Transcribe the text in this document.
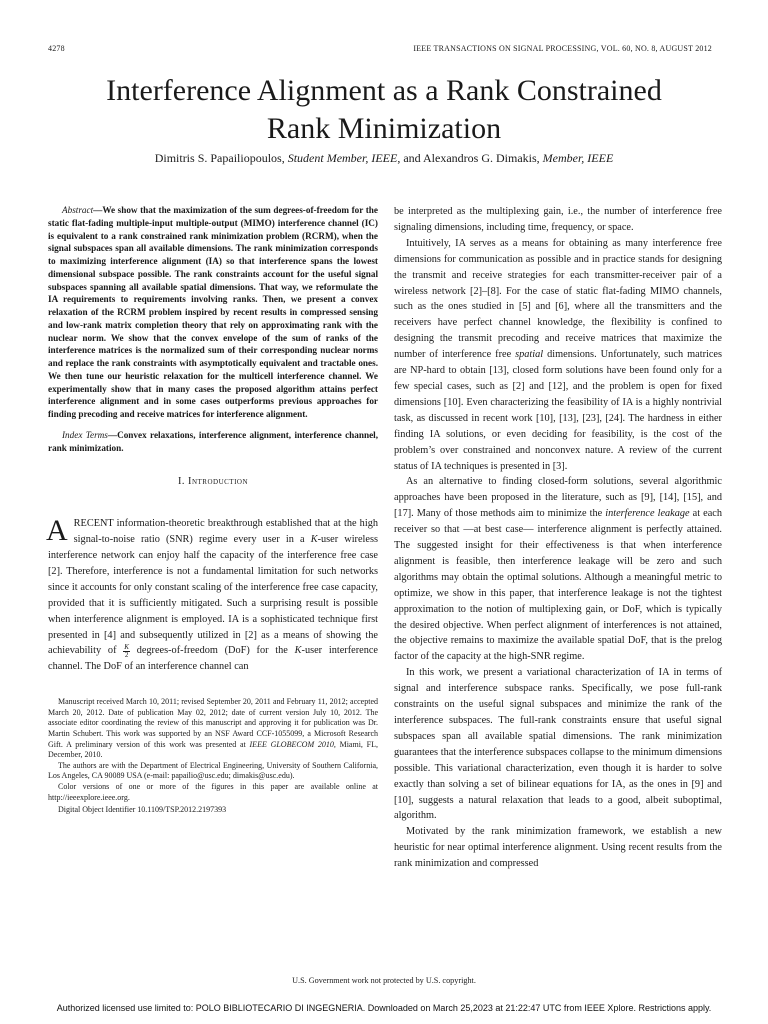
4278	IEEE TRANSACTIONS ON SIGNAL PROCESSING, VOL. 60, NO. 8, AUGUST 2012
Interference Alignment as a Rank Constrained
Rank Minimization
Dimitris S. Papailiopoulos, Student Member, IEEE, and Alexandros G. Dimakis, Member, IEEE

Abstract—We show that the maximization of the sum degrees-of-freedom for the static flat-fading multiple-input multiple-output (MIMO) interference channel (IC) is equivalent to a rank constrained rank minimization problem (RCRM), when the signal subspaces span all available dimensions. The rank minimization corresponds to maximizing interference alignment (IA) so that interference spans the lowest dimensional subspace possible. The rank constraints account for the useful signal subspaces spanning all available spatial dimensions. That way, we reformulate the IA requirements to requirements involving ranks. Then, we present a convex relaxation of the RCRM problem inspired by recent results in compressed sensing and low-rank matrix completion theory that rely on approximating rank with the nuclear norm. We show that the convex envelope of the sum of ranks of the interference matrices is the normalized sum of their corresponding nuclear norms and replace the rank constraints with asymptotically equivalent and tractable ones. We then tune our heuristic relaxation for the multicell interference channel. We experimentally show that in many cases the proposed algorithm attains perfect interference alignment and in some cases outperforms previous approaches for finding precoding and receive matrices for interference alignment.

Index Terms—Convex relaxations, interference alignment, interference channel, rank minimization.

I. Introduction

ARECENT information-theoretic breakthrough established that at the high signal-to-noise ratio (SNR) regime every user in a K-user wireless interference network can enjoy half the capacity of the interference free case [2]. Therefore, interference is not a fundamental limitation for such networks since it accounts for only constant scaling of the interference free case capacity, provided that it is sufficiently mitigated. Such a surprising result is possible when interference alignment is employed. IA is a sophisticated technique first presented in [4] and subsequently utilized in [2] as a means of showing the achievability of $\frac{K}{2}$ degrees-of-freedom (DoF) for the K-user interference channel. The DoF of an interference channel can

Manuscript received March 10, 2011; revised September 20, 2011 and February 11, 2012; accepted March 20, 2012. Date of publication May 02, 2012; date of current version July 10, 2012. The associate editor coordinating the review of this manuscript and approving it for publication was Dr. Martin Schubert. This work was supported by an NSF Award CCF-1055099, a Microsoft Research Gift. A preliminary version of this work was presented at IEEE GLOBECOM 2010, Miami, FL, December, 2010.

The authors are with the Department of Electrical Engineering, University of Southern California, Los Angeles, CA 90089 USA (e-mail: papailio@usc.edu; dimakis@usc.edu).

Color versions of one or more of the figures in this paper are available online at http://ieeexplore.ieee.org.

Digital Object Identifier 10.1109/TSP.2012.2197393

be interpreted as the multiplexing gain, i.e., the number of interference free signaling dimensions, including time, frequency, or space.

Intuitively, IA serves as a means for obtaining as many interference free dimensions for communication as possible and in practice stands for designing the transmit and receive strategies for each transmitter-receiver pair of a wireless network [2]–[8]. For the case of static flat-fading MIMO channels, such as the ones studied in [5] and [6], where all the transmitters and the receivers have perfect channel knowledge, the flexibility is confined to designing the transmit precoding and receive matrices that maximize the number of interference free spatial dimensions. Unfortunately, such matrices are NP-hard to obtain [13], closed form solutions have been found only for a few special cases, such as [2] and [12], and the problem is open for fixed dimensions [10]. Even characterizing the feasibility of IA is a highly nontrivial task, as discussed in recent work [10], [13], [23], [24]. The hardness in either finding IA solutions, or even deciding for feasibility, is the cost of the problem’s over constrained and nonconvex nature. A review of the current status of IA techniques is presented in [3].

As an alternative to finding closed-form solutions, several algorithmic approaches have been proposed in the literature, such as [9], [14], [15], and [17]. Many of those methods aim to minimize the interference leakage at each receiver so that —at best case— interference alignment is perfectly attained. The suggested insight for their effectiveness is that when interference alignment is feasible, then interference leakage will be zero and such algorithms may obtain the optimal solutions. Although a meaningful metric to optimize, we show in this paper, that interference leakage is not the tightest approximation to the notion of multiplexing gain, or DoF, which is typically the desired objective. When perfect alignment of interferences is not attained, the objective remains to maximize the available spatial DoF, that is the prelog factor of the capacity at the high-SNR regime.

In this work, we present a variational characterization of IA in terms of signal and interference subspace ranks. Specifically, we pose full-rank constraints on the useful signal subspaces and minimize the rank of the interference subspaces. The full-rank constraints ensure that useful signal subspaces span all available spatial dimensions. The rank minimization guarantees that the interference subspaces collapse to the minimum dimensions possible. This variational characterization, even though it is harder to solve exactly than solving a set of bilinear equations for IA, as the ones in [9] and [10], suggests a natural relaxation that leads to a good, albeit suboptimal, algorithm.

Motivated by the rank minimization framework, we establish a new heuristic for near optimal interference alignment. Using recent results from the rank minimization and compressed

U.S. Government work not protected by U.S. copyright.
Authorized licensed use limited to: POLO BIBLIOTECARIO DI INGEGNERIA. Downloaded on March 25,2023 at 21:22:47 UTC from IEEE Xplore. Restrictions apply.
